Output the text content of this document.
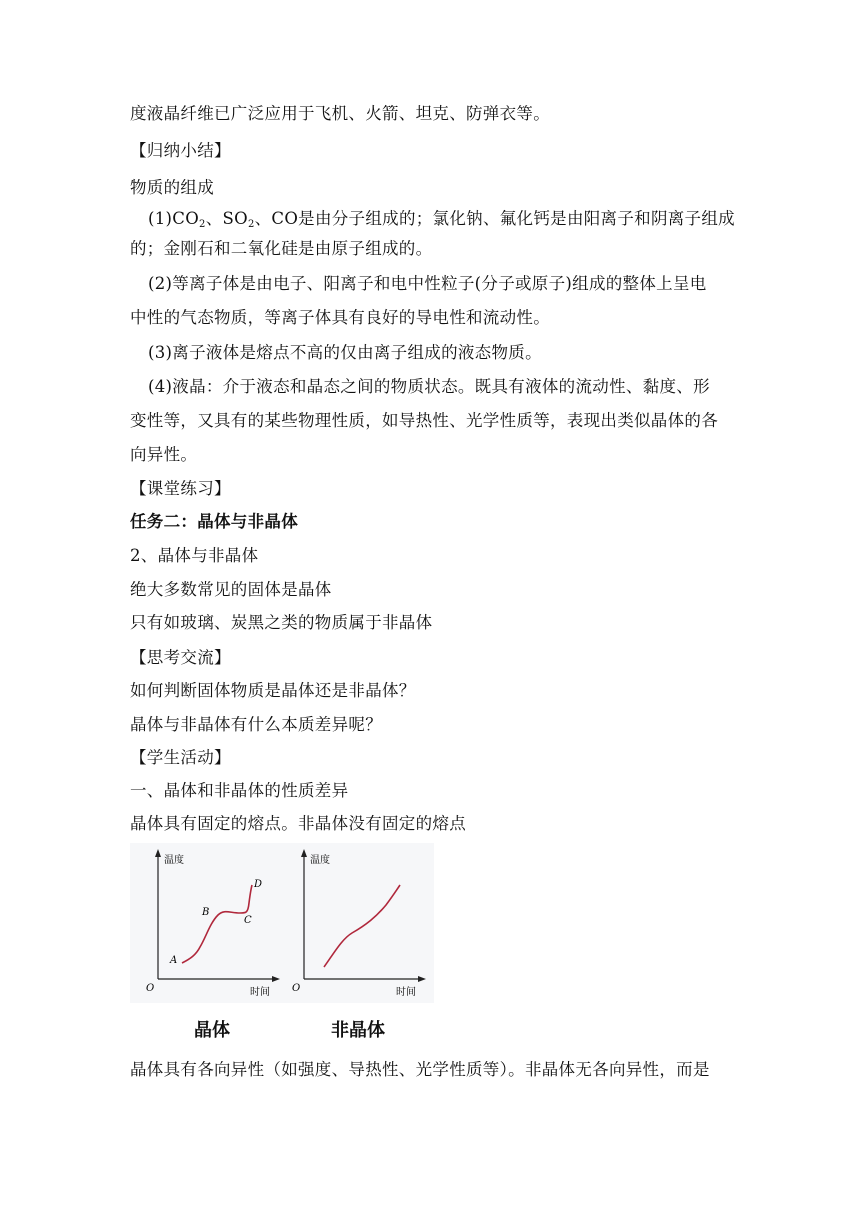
度液晶纤维已广泛应用于飞机、火箭、坦克、防弹衣等。
【归纳小结】
物质的组成
$(1)CO_2$、$SO_2$、CO是由分子组成的；氯化钠、氟化钙是由阳离子和阴离子组成
的；金刚石和二氧化硅是由原子组成的。
(2)等离子体是由电子、阳离子和电中性粒子(分子或原子)组成的整体上呈电
中性的气态物质，等离子体具有良好的导电性和流动性。
(3)离子液体是熔点不高的仅由离子组成的液态物质。
(4)液晶：介于液态和晶态之间的物质状态。既具有液体的流动性、黏度、形
变性等，又具有的某些物理性质，如导热性、光学性质等，表现出类似晶体的各
向异性。
【课堂练习】
任务二：晶体与非晶体
2、晶体与非晶体
绝大多数常见的固体是晶体
只有如玻璃、炭黑之类的物质属于非晶体
【思考交流】
如何判断固体物质是晶体还是非晶体？
晶体与非晶体有什么本质差异呢？
【学生活动】
一、晶体和非晶体的性质差异
晶体具有固定的熔点。非晶体没有固定的熔点
温度
时间
O
A
B
C
D
温度
时间
O
晶体	非晶体
晶体具有各向异性（如强度、导热性、光学性质等）。非晶体无各向异性，而是
